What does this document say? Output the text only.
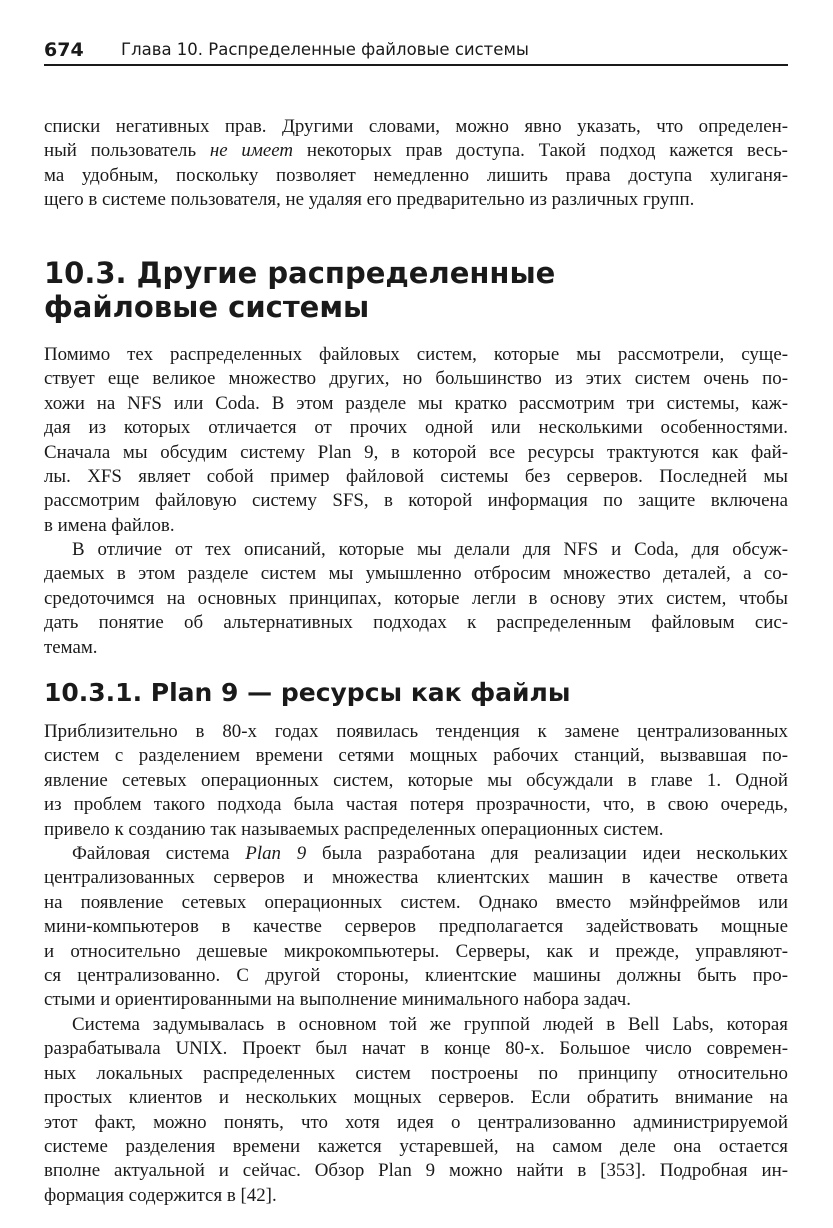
674 Глава 10. Распределенные файловые системы

списки негативных прав. Другими словами, можно явно указать, что определен-
ный пользователь не имеет некоторых прав доступа. Такой подход кажется весь-
ма удобным, поскольку позволяет немедленно лишить права доступа хулиганя-
щего в системе пользователя, не удаляя его предварительно из различных групп.

10.3. Другие распределенные
файловые системы

Помимо тех распределенных файловых систем, которые мы рассмотрели, суще-
ствует еще великое множество других, но большинство из этих систем очень по-
хожи на NFS или Coda. В этом разделе мы кратко рассмотрим три системы, каж-
дая из которых отличается от прочих одной или несколькими особенностями.
Сначала мы обсудим систему Plan 9, в которой все ресурсы трактуются как фай-
лы. XFS являет собой пример файловой системы без серверов. Последней мы
рассмотрим файловую систему SFS, в которой информация по защите включена
в имена файлов.

В отличие от тех описаний, которые мы делали для NFS и Coda, для обсуж-
даемых в этом разделе систем мы умышленно отбросим множество деталей, а со-
средоточимся на основных принципах, которые легли в основу этих систем, чтобы
дать понятие об альтернативных подходах к распределенным файловым сис-
темам.

10.3.1. Plan 9 — ресурсы как файлы

Приблизительно в 80-х годах появилась тенденция к замене централизованных
систем с разделением времени сетями мощных рабочих станций, вызвавшая по-
явление сетевых операционных систем, которые мы обсуждали в главе 1. Одной
из проблем такого подхода была частая потеря прозрачности, что, в свою очередь,
привело к созданию так называемых распределенных операционных систем.

Файловая система Plan 9 была разработана для реализации идеи нескольких
централизованных серверов и множества клиентских машин в качестве ответа
на появление сетевых операционных систем. Однако вместо мэйнфреймов или
мини-компьютеров в качестве серверов предполагается задействовать мощные
и относительно дешевые микрокомпьютеры. Серверы, как и прежде, управляют-
ся централизованно. С другой стороны, клиентские машины должны быть про-
стыми и ориентированными на выполнение минимального набора задач.

Система задумывалась в основном той же группой людей в Bell Labs, которая
разрабатывала UNIX. Проект был начат в конце 80-х. Большое число современ-
ных локальных распределенных систем построены по принципу относительно
простых клиентов и нескольких мощных серверов. Если обратить внимание на
этот факт, можно понять, что хотя идея о централизованно администрируемой
системе разделения времени кажется устаревшей, на самом деле она остается
вполне актуальной и сейчас. Обзор Plan 9 можно найти в [353]. Подробная ин-
формация содержится в [42].
